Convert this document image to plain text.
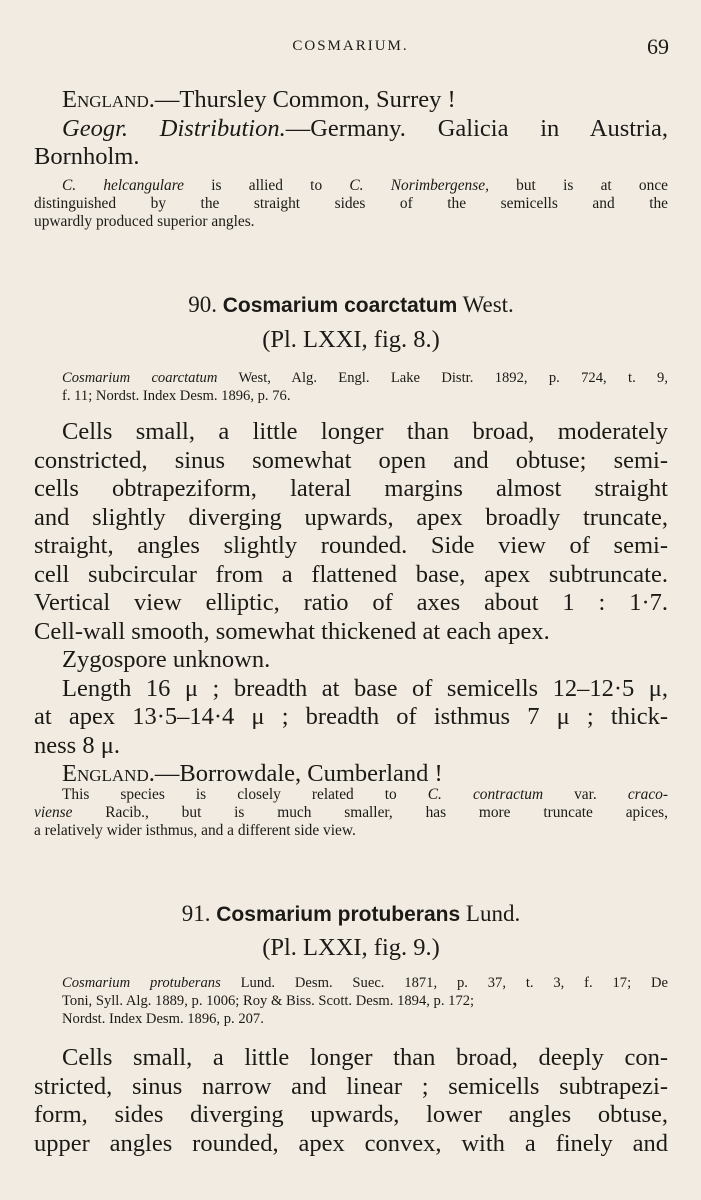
COSMARIUM.	69
England.—Thursley Common, Surrey !
Geogr. Distribution.—Germany. Galicia in Austria,
Bornholm.
C. helcangulare is allied to C. Norimbergense, but is at once
distinguished by the straight sides of the semicells and the
upwardly produced superior angles.
90. Cosmarium coarctatum West.
(Pl. LXXI, fig. 8.)
Cosmarium coarctatum West, Alg. Engl. Lake Distr. 1892, p. 724, t. 9,
f. 11; Nordst. Index Desm. 1896, p. 76.
Cells small, a little longer than broad, moderately
constricted, sinus somewhat open and obtuse; semi-
cells obtrapeziform, lateral margins almost straight
and slightly diverging upwards, apex broadly truncate,
straight, angles slightly rounded. Side view of semi-
cell subcircular from a flattened base, apex subtruncate.
Vertical view elliptic, ratio of axes about 1 : 1·7.
Cell-wall smooth, somewhat thickened at each apex.
Zygospore unknown.
Length 16 μ ; breadth at base of semicells 12–12·5 μ,
at apex 13·5–14·4 μ ; breadth of isthmus 7 μ ; thick-
ness 8 μ.
England.—Borrowdale, Cumberland !
This species is closely related to C. contractum var. craco-
viense Racib., but is much smaller, has more truncate apices,
a relatively wider isthmus, and a different side view.
91. Cosmarium protuberans Lund.
(Pl. LXXI, fig. 9.)
Cosmarium protuberans Lund. Desm. Suec. 1871, p. 37, t. 3, f. 17; De
Toni, Syll. Alg. 1889, p. 1006; Roy & Biss. Scott. Desm. 1894, p. 172;
Nordst. Index Desm. 1896, p. 207.
Cells small, a little longer than broad, deeply con-
stricted, sinus narrow and linear ; semicells subtrapezi-
form, sides diverging upwards, lower angles obtuse,
upper angles rounded, apex convex, with a finely and
